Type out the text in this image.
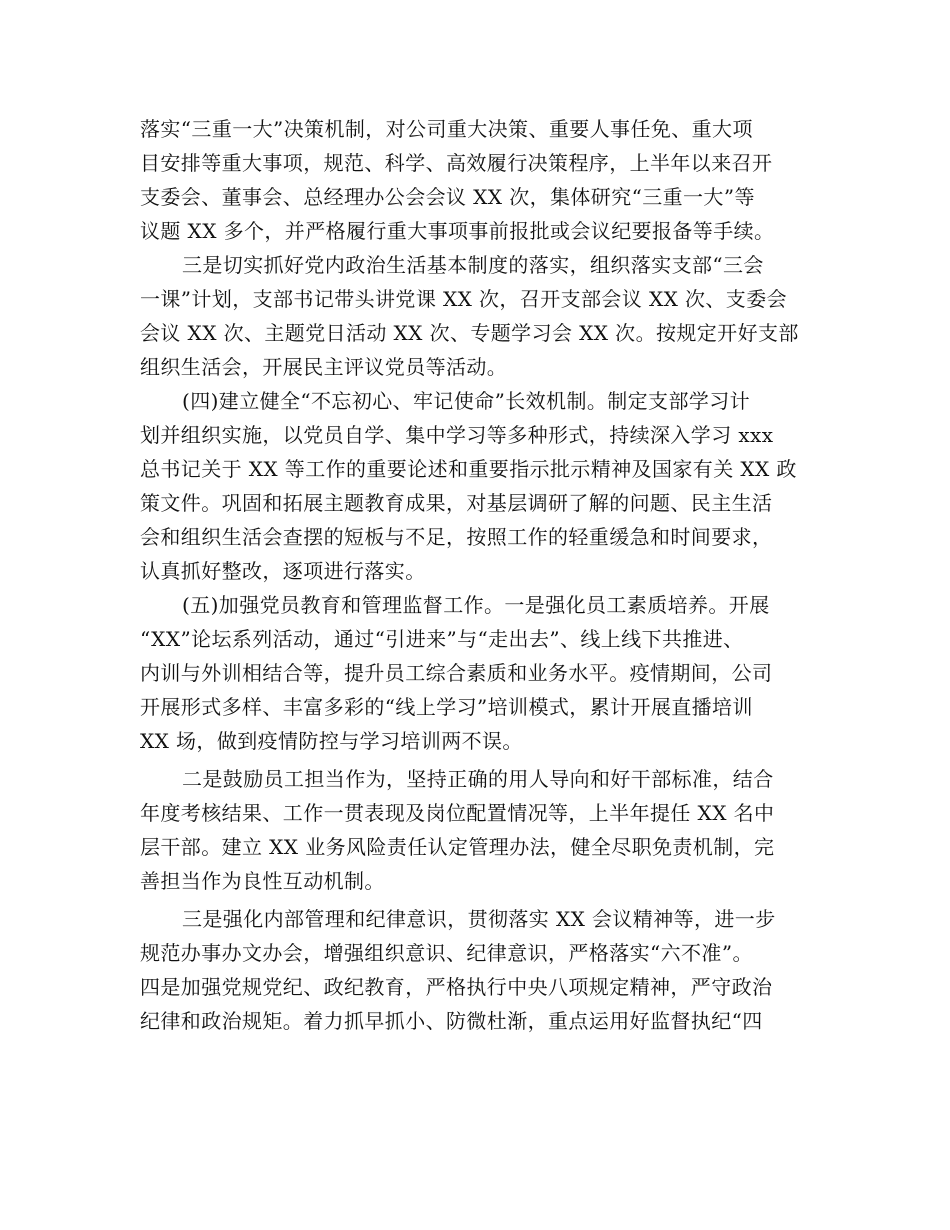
落实“三重一大”决策机制，对公司重大决策、重要人事任免、重大项
目安排等重大事项，规范、科学、高效履行决策程序，上半年以来召开
支委会、董事会、总经理办公会会议 XX 次，集体研究“三重一大”等
议题 XX 多个，并严格履行重大事项事前报批或会议纪要报备等手续。
三是切实抓好党内政治生活基本制度的落实，组织落实支部“三会
一课”计划，支部书记带头讲党课 XX 次，召开支部会议 XX 次、支委会
会议 XX 次、主题党日活动 XX 次、专题学习会 XX 次。按规定开好支部
组织生活会，开展民主评议党员等活动。
(四)建立健全“不忘初心、牢记使命”长效机制。制定支部学习计
划并组织实施，以党员自学、集中学习等多种形式，持续深入学习 xxx
总书记关于 XX 等工作的重要论述和重要指示批示精神及国家有关 XX 政
策文件。巩固和拓展主题教育成果，对基层调研了解的问题、民主生活
会和组织生活会查摆的短板与不足，按照工作的轻重缓急和时间要求，
认真抓好整改，逐项进行落实。
(五)加强党员教育和管理监督工作。一是强化员工素质培养。开展
“XX”论坛系列活动，通过“引进来”与“走出去”、线上线下共推进、
内训与外训相结合等，提升员工综合素质和业务水平。疫情期间，公司
开展形式多样、丰富多彩的“线上学习”培训模式，累计开展直播培训
XX 场，做到疫情防控与学习培训两不误。
二是鼓励员工担当作为，坚持正确的用人导向和好干部标准，结合
年度考核结果、工作一贯表现及岗位配置情况等，上半年提任 XX 名中
层干部。建立 XX 业务风险责任认定管理办法，健全尽职免责机制，完
善担当作为良性互动机制。
三是强化内部管理和纪律意识，贯彻落实 XX 会议精神等，进一步
规范办事办文办会，增强组织意识、纪律意识，严格落实“六不准”。
四是加强党规党纪、政纪教育，严格执行中央八项规定精神，严守政治
纪律和政治规矩。着力抓早抓小、防微杜渐，重点运用好监督执纪“四
